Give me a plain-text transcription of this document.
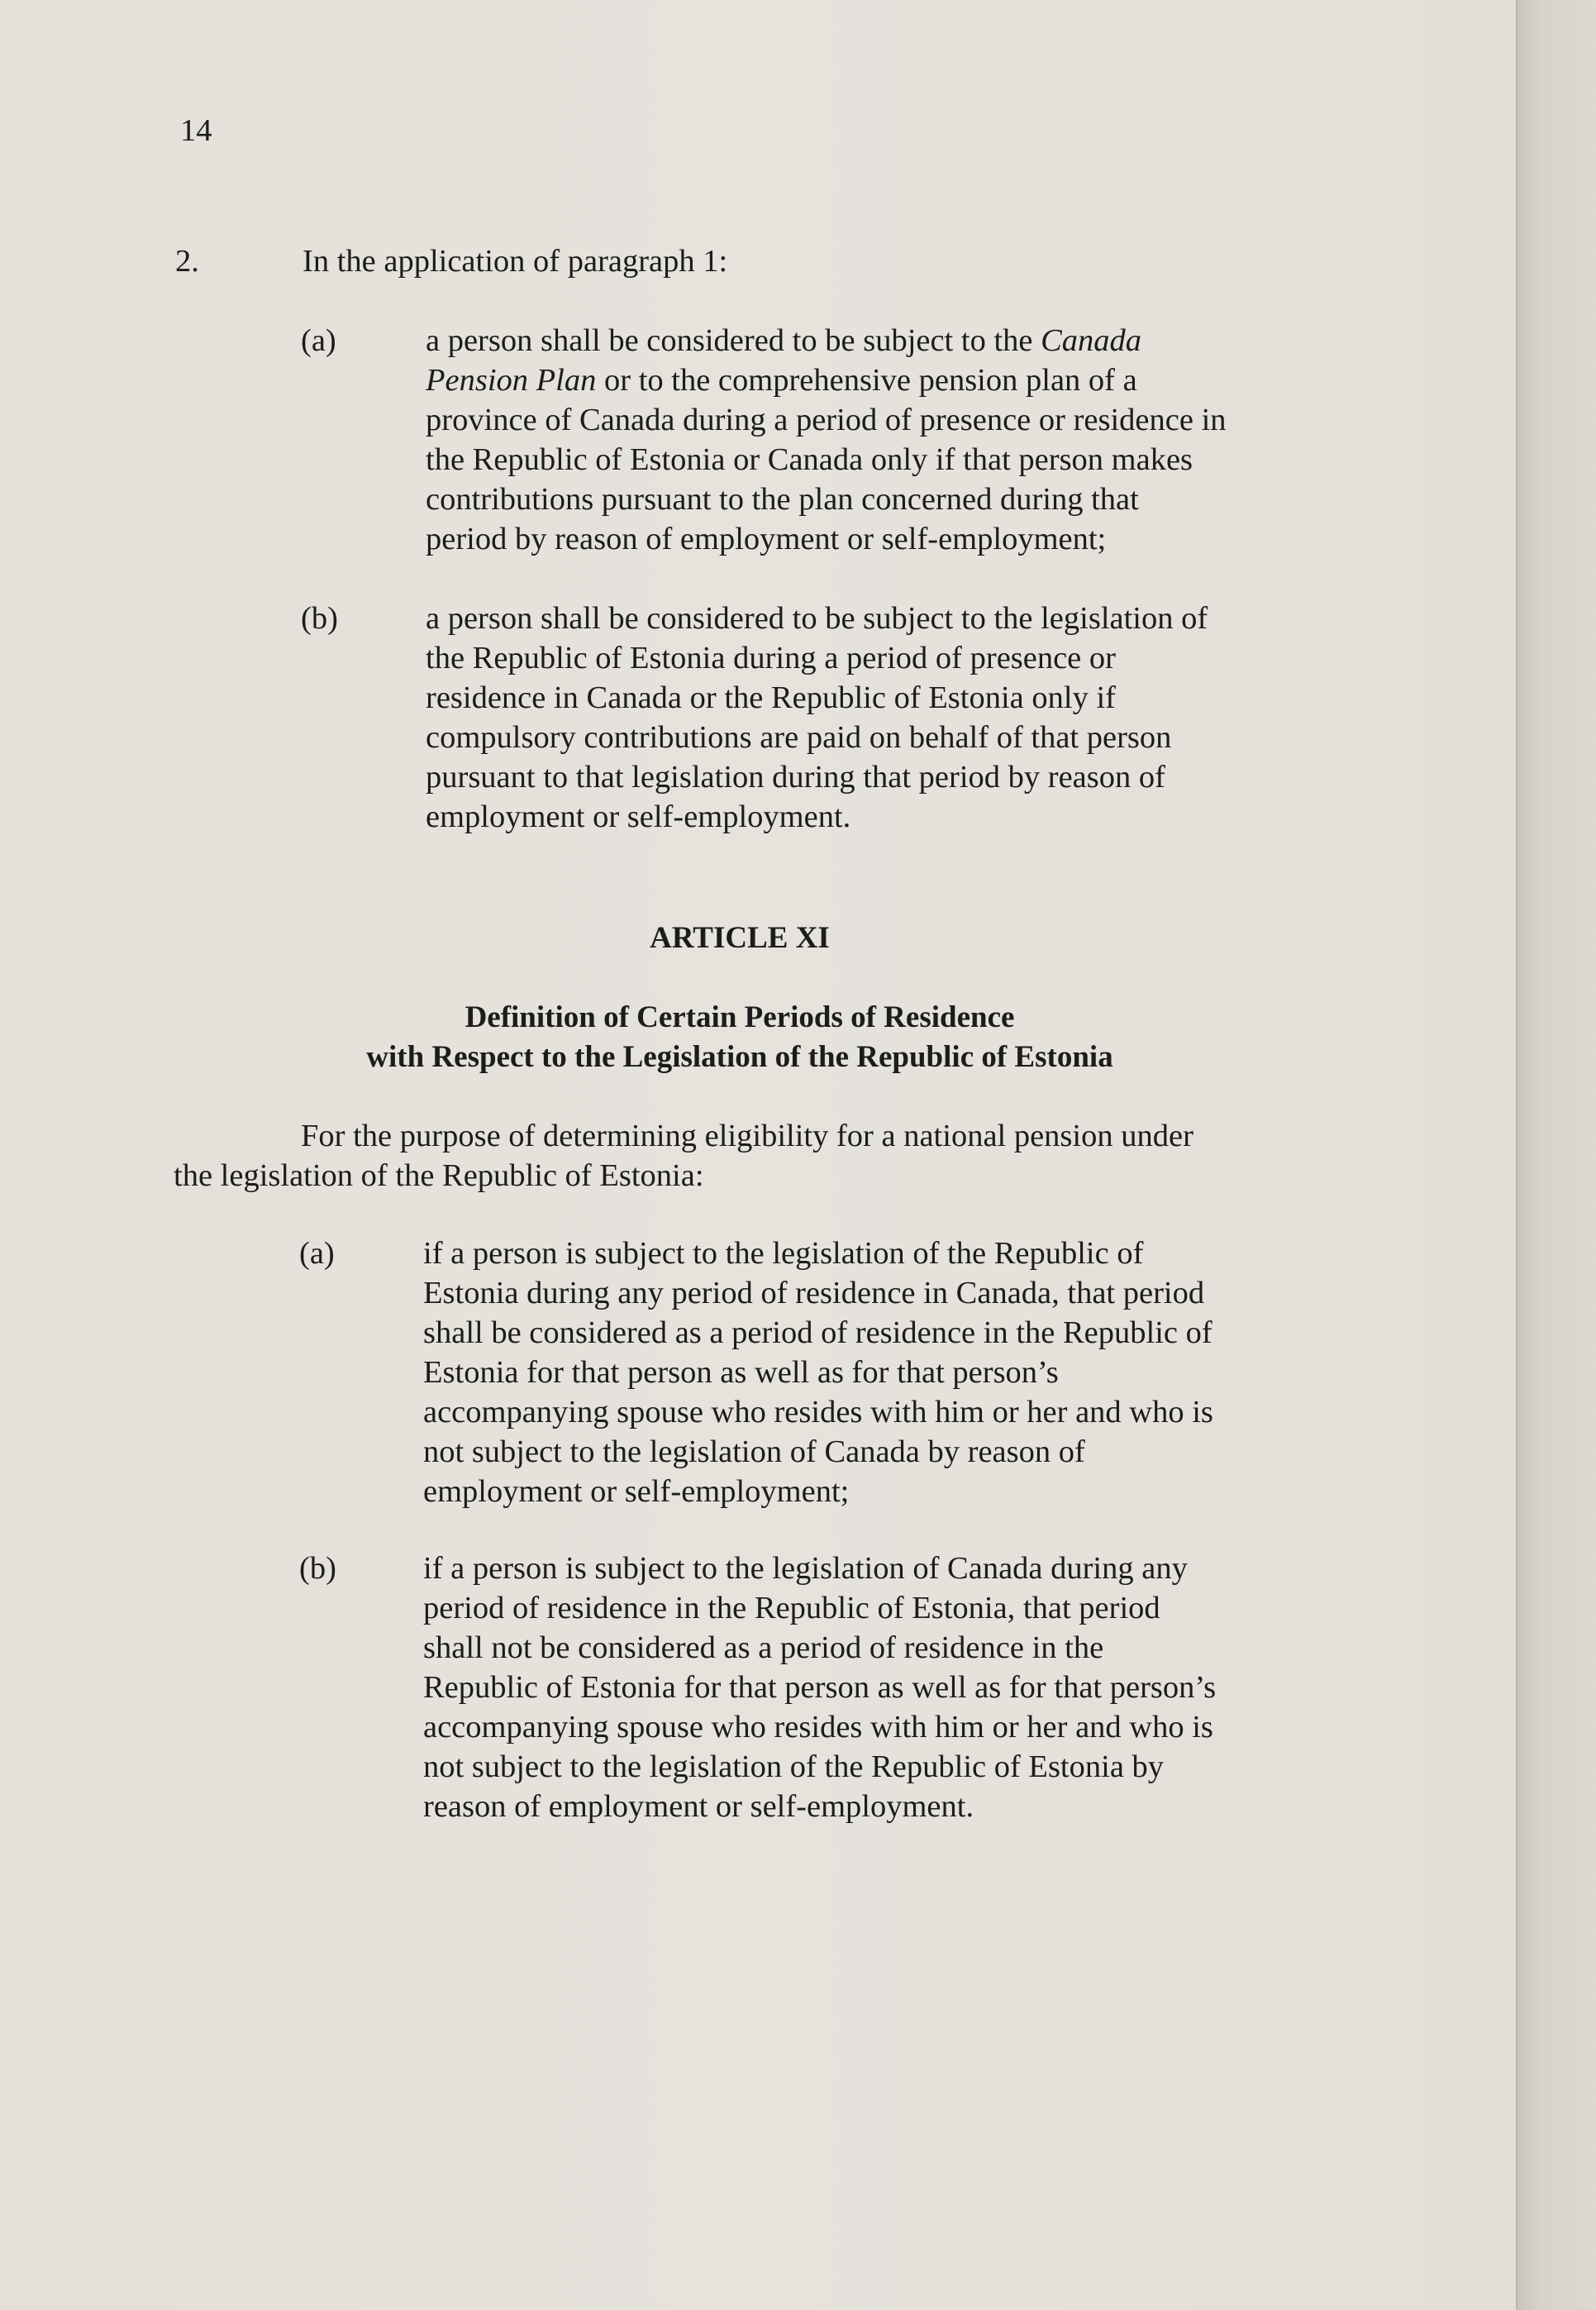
14

2.	In the application of paragraph 1:

(a)	a person shall be considered to be subject to the Canada
Pension Plan or to the comprehensive pension plan of a
province of Canada during a period of presence or residence in
the Republic of Estonia or Canada only if that person makes
contributions pursuant to the plan concerned during that
period by reason of employment or self-employment;
(b)	a person shall be considered to be subject to the legislation of
the Republic of Estonia during a period of presence or
residence in Canada or the Republic of Estonia only if
compulsory contributions are paid on behalf of that person
pursuant to that legislation during that period by reason of
employment or self-employment.

ARTICLE XI

Definition of Certain Periods of Residence

with Respect to the Legislation of the Republic of Estonia

For the purpose of determining eligibility for a national pension under
the legislation of the Republic of Estonia:
(a)	if a person is subject to the legislation of the Republic of
Estonia during any period of residence in Canada, that period
shall be considered as a period of residence in the Republic of
Estonia for that person as well as for that person’s
accompanying spouse who resides with him or her and who is
not subject to the legislation of Canada by reason of
employment or self-employment;
(b)	if a person is subject to the legislation of Canada during any
period of residence in the Republic of Estonia, that period
shall not be considered as a period of residence in the
Republic of Estonia for that person as well as for that person’s
accompanying spouse who resides with him or her and who is
not subject to the legislation of the Republic of Estonia by
reason of employment or self-employment.
